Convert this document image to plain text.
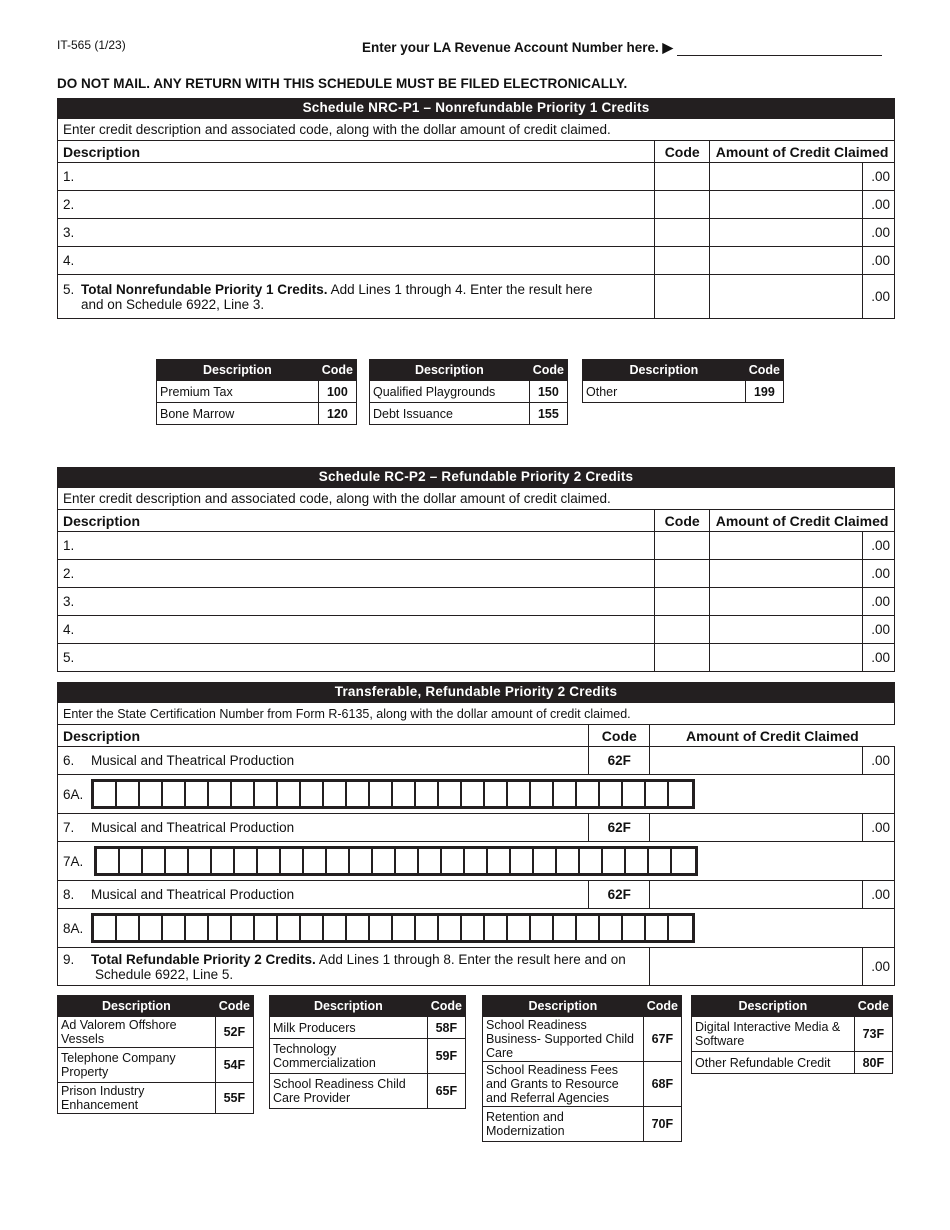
IT-565 (1/23)	Enter your LA Revenue Account Number here. ▶
DO NOT MAIL. ANY RETURN WITH THIS SCHEDULE MUST BE FILED ELECTRONICALLY.
Schedule NRC-P1 – Nonrefundable Priority 1 Credits
Enter credit description and associated code, along with the dollar amount of credit claimed.			
Description	Code	Amount of Credit Claimed	
1.			.00
2.			.00
3.			.00
4.			.00

5. Total Nonrefundable Priority 1 Credits. Add Lines 1 through 4. Enter the result here
and on Schedule 6922, Line 3.			.00
Description	Code
Premium Tax	100
Bone Marrow	120
Description	Code
Qualified Playgrounds	150
Debt Issuance	155
Description	Code
Other	199
Schedule RC-P2 – Refundable Priority 2 Credits
Enter credit description and associated code, along with the dollar amount of credit claimed.			
Description	Code	Amount of Credit Claimed	
1.			.00
2.			.00
3.			.00
4.			.00
5.			.00
Transferable, Refundable Priority 2 Credits
Enter the State Certification Number from Form R-6135, along with the dollar amount of credit claimed.			
Description	Code	Amount of Credit Claimed	
6. Musical and Theatrical Production	62F		.00

6A.			

7. Musical and Theatrical Production	62F		.00

7A.			

8. Musical and Theatrical Production	62F		.00

8A.			

9. Total Refundable Priority 2 Credits. Add Lines 1 through 8. Enter the result here and on
Schedule 6922, Line 5.			.00
Description	Code
Ad Valorem Offshore Vessels	52F
Telephone Company Property	54F
Prison Industry Enhancement	55F
Description	Code
Milk Producers	58F
Technology Commercialization	59F
School Readiness Child Care Provider	65F
Description	Code
School Readiness Business- Supported Child Care	67F
School Readiness Fees and Grants to Resource and Referral Agencies	68F
Retention and Modernization	70F
Description	Code
Digital Interactive Media & Software	73F
Other Refundable Credit	80F
